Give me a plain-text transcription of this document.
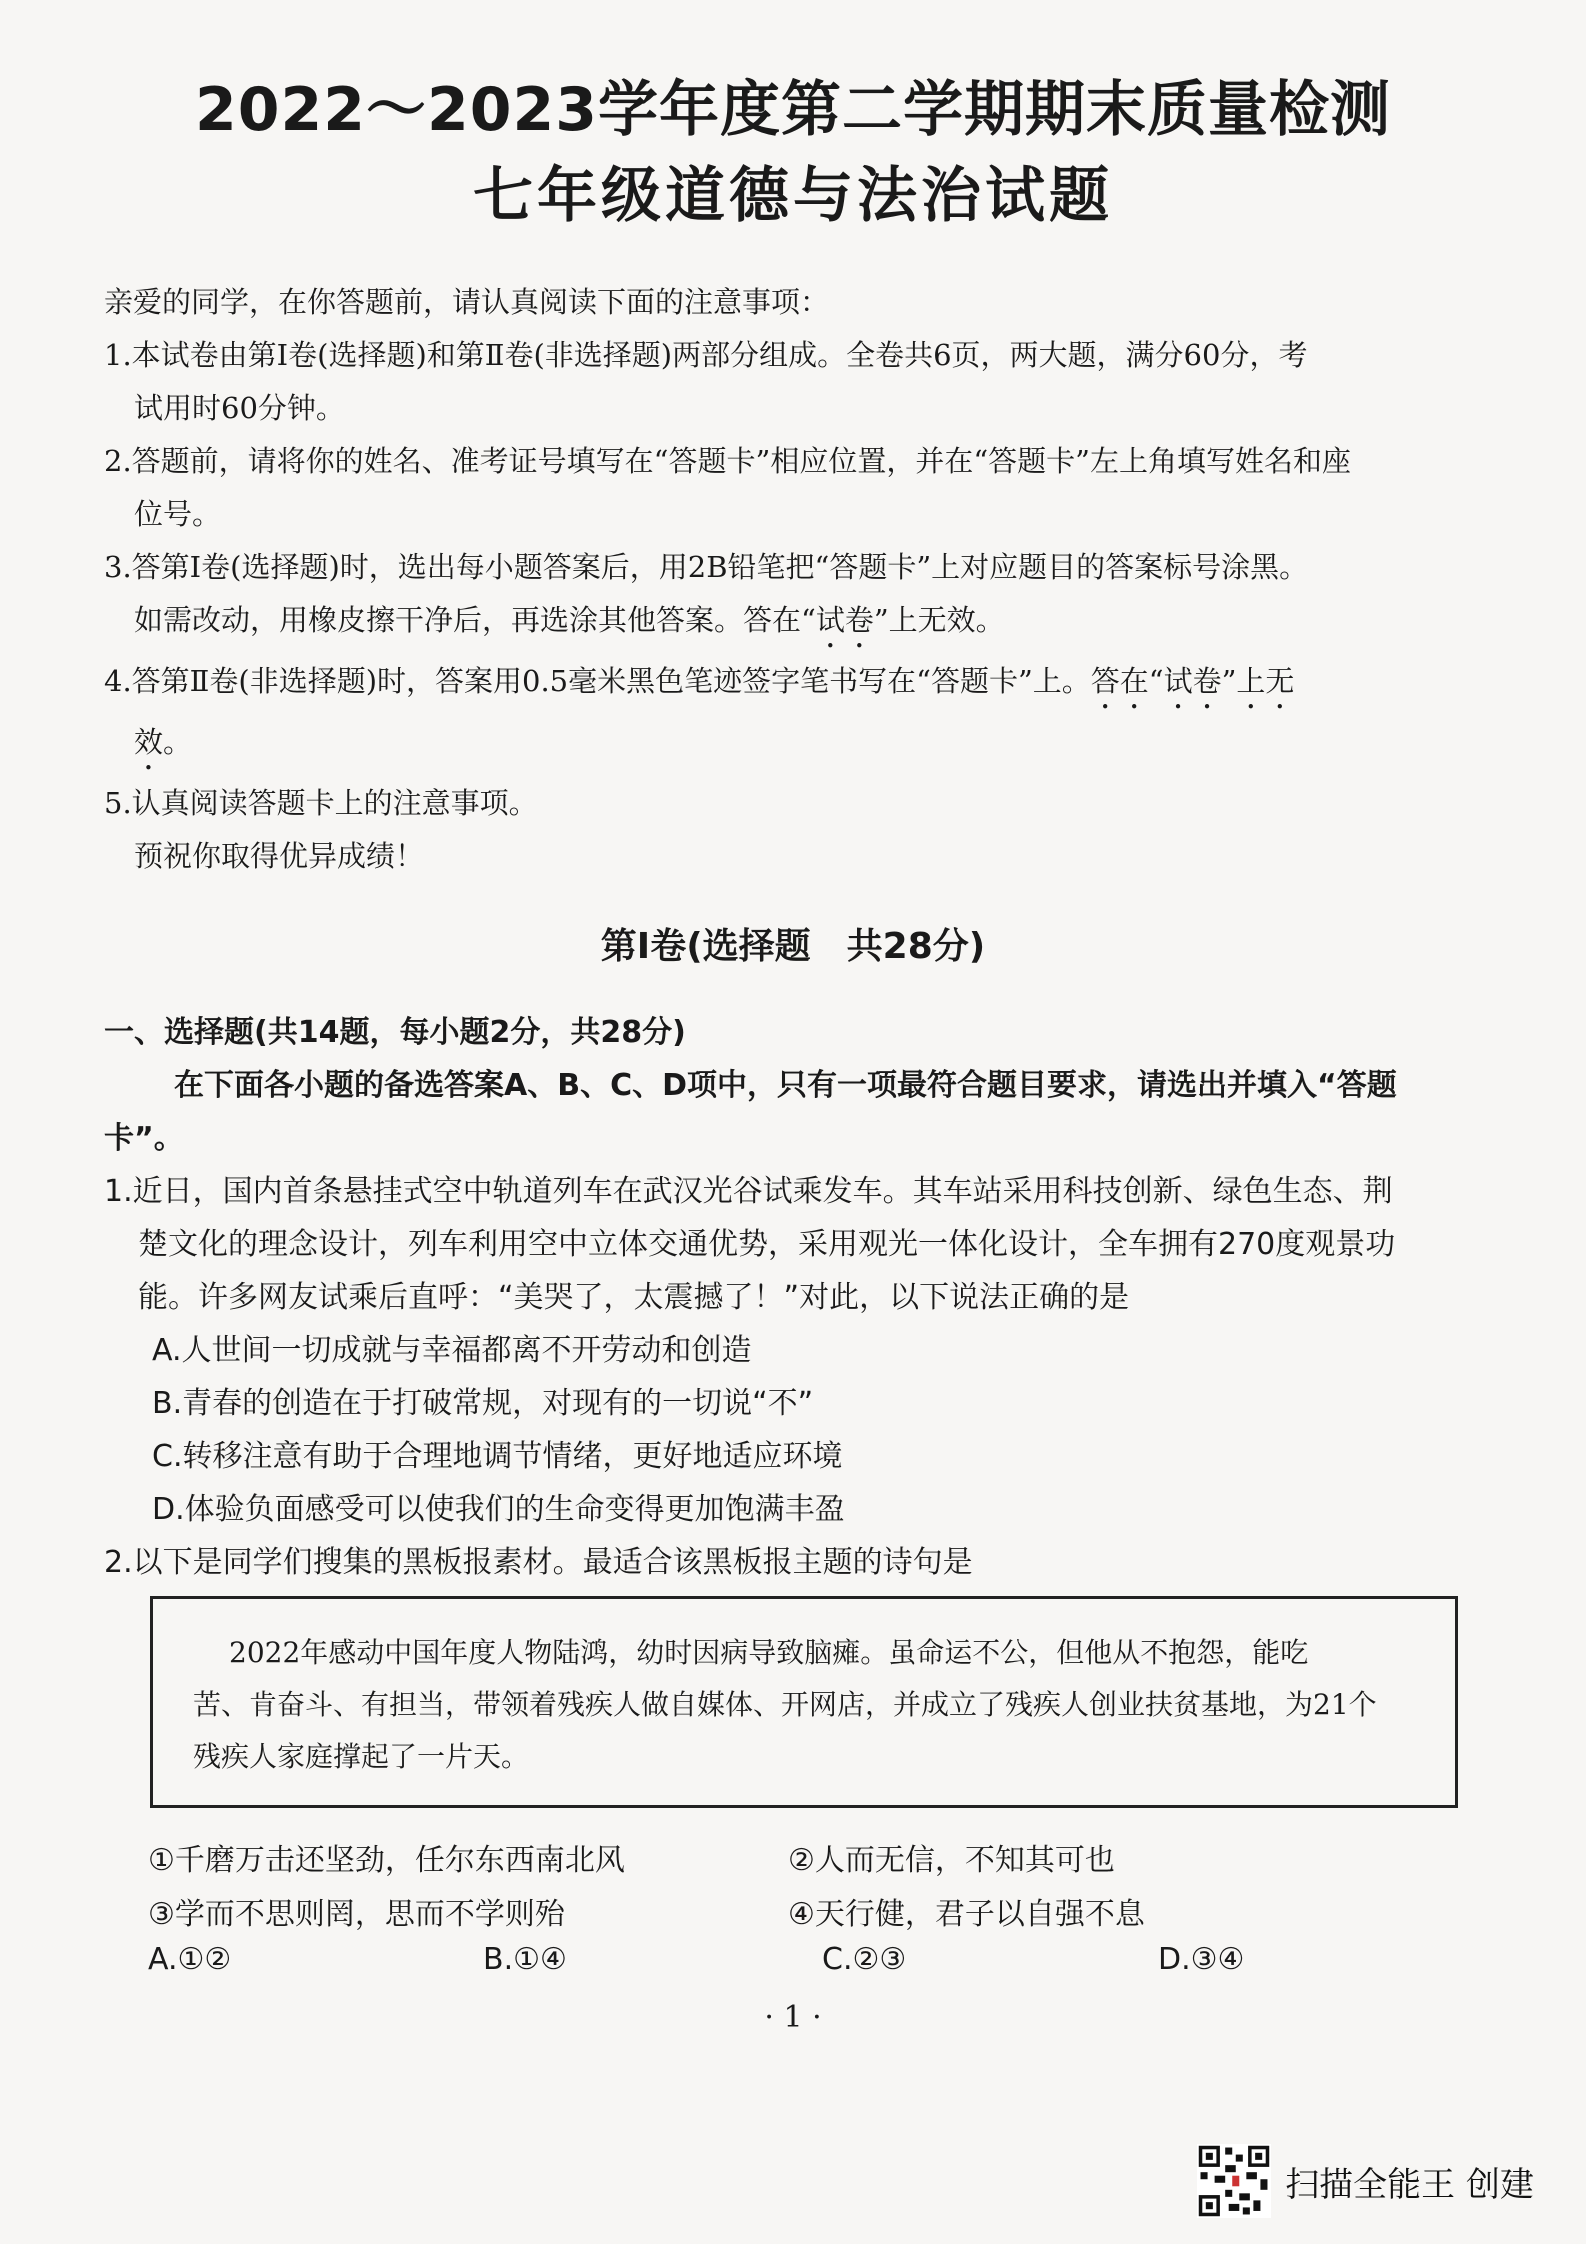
2022～2023学年度第二学期期末质量检测
七年级道德与法治试题
亲爱的同学，在你答题前，请认真阅读下面的注意事项：
1.本试卷由第Ⅰ卷(选择题)和第Ⅱ卷(非选择题)两部分组成。全卷共6页，两大题，满分60分，考
试用时60分钟。
2.答题前，请将你的姓名、准考证号填写在“答题卡”相应位置，并在“答题卡”左上角填写姓名和座
位号。
3.答第Ⅰ卷(选择题)时，选出每小题答案后，用2B铅笔把“答题卡”上对应题目的答案标号涂黑。
如需改动，用橡皮擦干净后，再选涂其他答案。答在“试卷”上无效。
4.答第Ⅱ卷(非选择题)时，答案用0.5毫米黑色笔迹签字笔书写在“答题卡”上。答在“试卷”上无
效。
5.认真阅读答题卡上的注意事项。
预祝你取得优异成绩！
第Ⅰ卷(选择题　共28分)
一、选择题(共14题，每小题2分，共28分)
在下面各小题的备选答案A、B、C、D项中，只有一项最符合题目要求，请选出并填入“答题
卡”。
1.近日，国内首条悬挂式空中轨道列车在武汉光谷试乘发车。其车站采用科技创新、绿色生态、荆
楚文化的理念设计，列车利用空中立体交通优势，采用观光一体化设计，全车拥有270度观景功
能。许多网友试乘后直呼：“美哭了，太震撼了！”对此，以下说法正确的是
A.人世间一切成就与幸福都离不开劳动和创造
B.青春的创造在于打破常规，对现有的一切说“不”
C.转移注意有助于合理地调节情绪，更好地适应环境
D.体验负面感受可以使我们的生命变得更加饱满丰盈
2.以下是同学们搜集的黑板报素材。最适合该黑板报主题的诗句是
2022年感动中国年度人物陆鸿，幼时因病导致脑瘫。虽命运不公，但他从不抱怨，能吃
苦、肯奋斗、有担当，带领着残疾人做自媒体、开网店，并成立了残疾人创业扶贫基地，为21个
残疾人家庭撑起了一片天。
①千磨万击还坚劲，任尔东西南北风	②人而无信，不知其可也
③学而不思则罔，思而不学则殆	④天行健，君子以自强不息
A.①②	B.①④	C.②③	D.③④
· 1 ·
扫描全能王 创建
